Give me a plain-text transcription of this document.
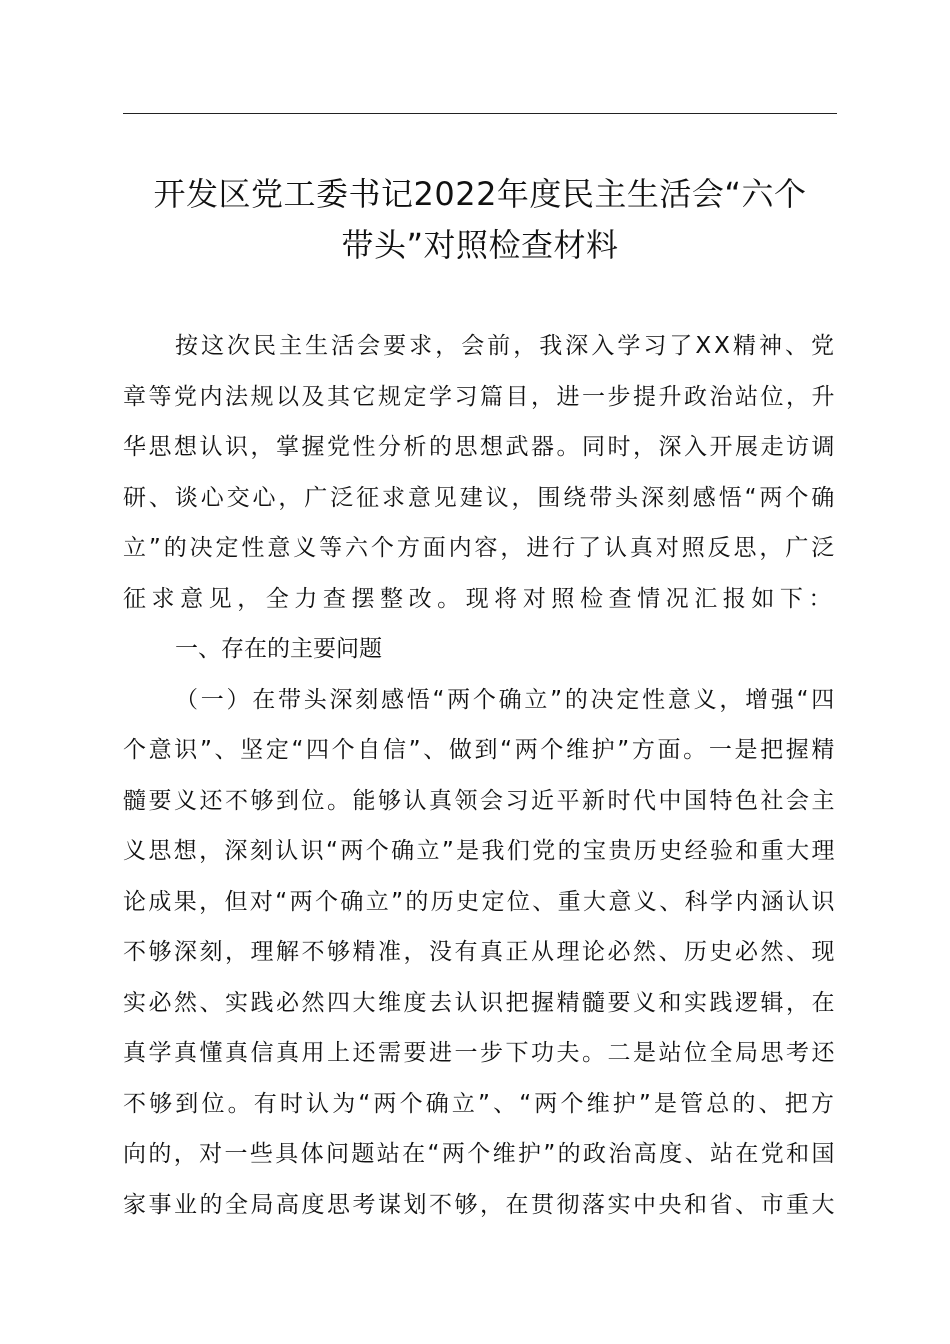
开发区党工委书记2022年度民主生活会“六个
带头”对照检查材料
按这次民主生活会要求，会前，我深入学习了XX精神、党
章等党内法规以及其它规定学习篇目，进一步提升政治站位，升
华思想认识，掌握党性分析的思想武器。同时，深入开展走访调
研、谈心交心，广泛征求意见建议，围绕带头深刻感悟“两个确
立”的决定性意义等六个方面内容，进行了认真对照反思，广泛
征求意见，全力查摆整改。现将对照检查情况汇报如下：
一、存在的主要问题
（一）在带头深刻感悟“两个确立”的决定性意义，增强“四
个意识”、坚定“四个自信”、做到“两个维护”方面。一是把握精
髓要义还不够到位。能够认真领会习近平新时代中国特色社会主
义思想，深刻认识“两个确立”是我们党的宝贵历史经验和重大理
论成果，但对“两个确立”的历史定位、重大意义、科学内涵认识
不够深刻，理解不够精准，没有真正从理论必然、历史必然、现
实必然、实践必然四大维度去认识把握精髓要义和实践逻辑，在
真学真懂真信真用上还需要进一步下功夫。二是站位全局思考还
不够到位。有时认为“两个确立”、“两个维护”是管总的、把方
向的，对一些具体问题站在“两个维护”的政治高度、站在党和国
家事业的全局高度思考谋划不够，在贯彻落实中央和省、市重大
